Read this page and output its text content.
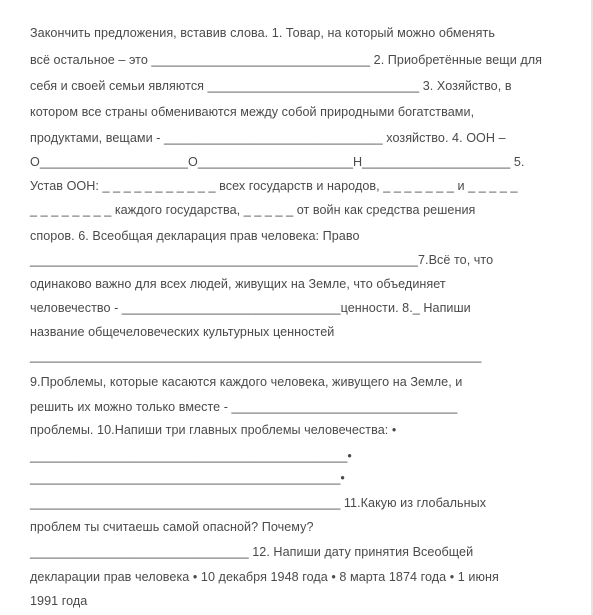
Закончить предложения, вставив слова. 1. Товар, на который можно обменять
всё остальное – это _______________________________ 2. Приобретённые вещи для
себя и своей семьи являются ______________________________ 3. Хозяйство, в
котором все страны обмениваются между собой природными богатствами,
продуктами, вещами - _______________________________ хозяйство. 4. ООН –
О_____________________О______________________Н_____________________ 5.
Устав ООН: _ _ _ _ _ _ _ _ _ _ _ всех государств и народов, _ _ _ _ _ _ _ и _ _ _ _ _
_ _ _ _ _ _ _ _ каждого государства, _ _ _ _ _ от войн как средства решения
споров. 6. Всеобщая декларация прав человека: Право
_______________________________________________________7.Всё то, что
одинаково важно для всех людей, живущих на Земле, что объединяет
человечество - _______________________________ценности. 8._ Напиши
название общечеловеческих культурных ценностей
________________________________________________________________
9.Проблемы, которые касаются каждого человека, живущего на Земле, и
решить их можно только вместе - ________________________________
проблемы. 10.Напиши три главных проблемы человечества: •
_____________________________________________•
____________________________________________•
____________________________________________ 11.Какую из глобальных
проблем ты считаешь самой опасной? Почему?
_______________________________ 12. Напиши дату принятия Всеобщей
декларации прав человека • 10 декабря 1948 года • 8 марта 1874 года • 1 июня
1991 года
